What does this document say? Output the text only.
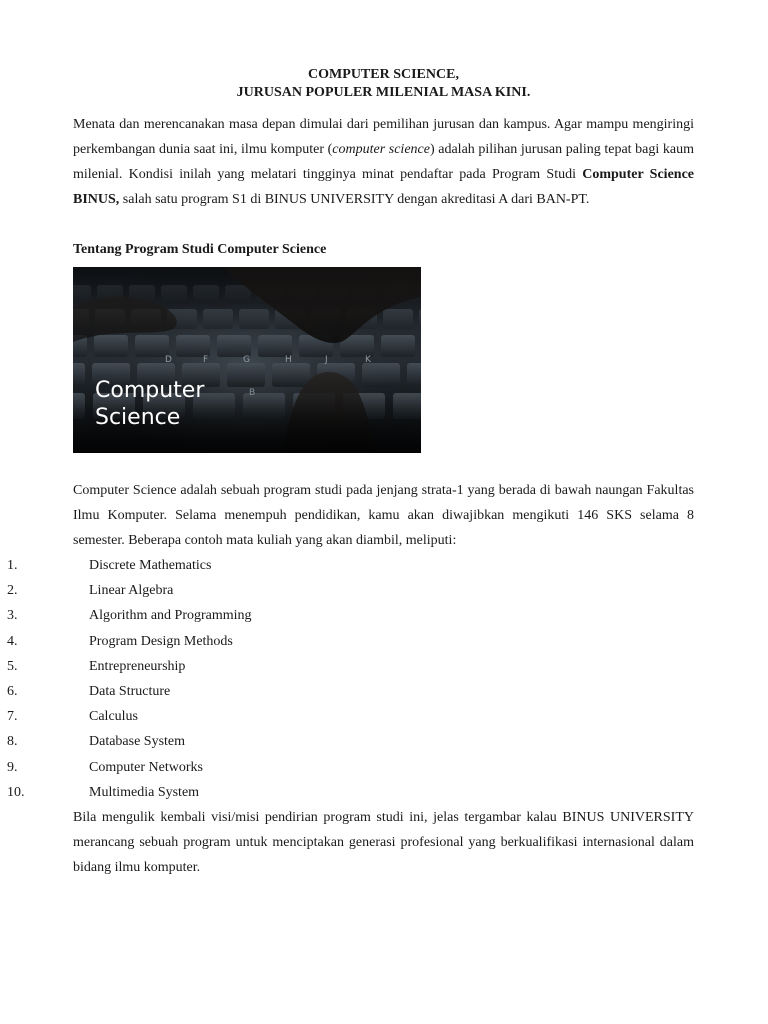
COMPUTER SCIENCE,
JURUSAN POPULER MILENIAL MASA KINI.

Menata dan merencanakan masa depan dimulai dari pemilihan jurusan dan kampus. Agar mampu mengiringi perkembangan dunia saat ini, ilmu komputer (computer science) adalah pilihan jurusan paling tepat bagi kaum milenial. Kondisi inilah yang melatari tingginya minat pendaftar pada Program Studi Computer Science BINUS, salah satu program S1 di BINUS UNIVERSITY dengan akreditasi A dari BAN-PT.

Tentang Program Studi Computer Science
Computer
Science

Computer Science adalah sebuah program studi pada jenjang strata-1 yang berada di bawah naungan Fakultas Ilmu Komputer. Selama menempuh pendidikan, kamu akan diwajibkan mengikuti 146 SKS selama 8 semester. Beberapa contoh mata kuliah yang akan diambil, meliputi:

1.	Discrete Mathematics
2.	Linear Algebra
3.	Algorithm and Programming
4.	Program Design Methods
5.	Entrepreneurship
6.	Data Structure
7.	Calculus
8.	Database System
9.	Computer Networks
10.	Multimedia System

Bila mengulik kembali visi/misi pendirian program studi ini, jelas tergambar kalau BINUS UNIVERSITY merancang sebuah program untuk menciptakan generasi profesional yang berkualifikasi internasional dalam bidang ilmu komputer.
